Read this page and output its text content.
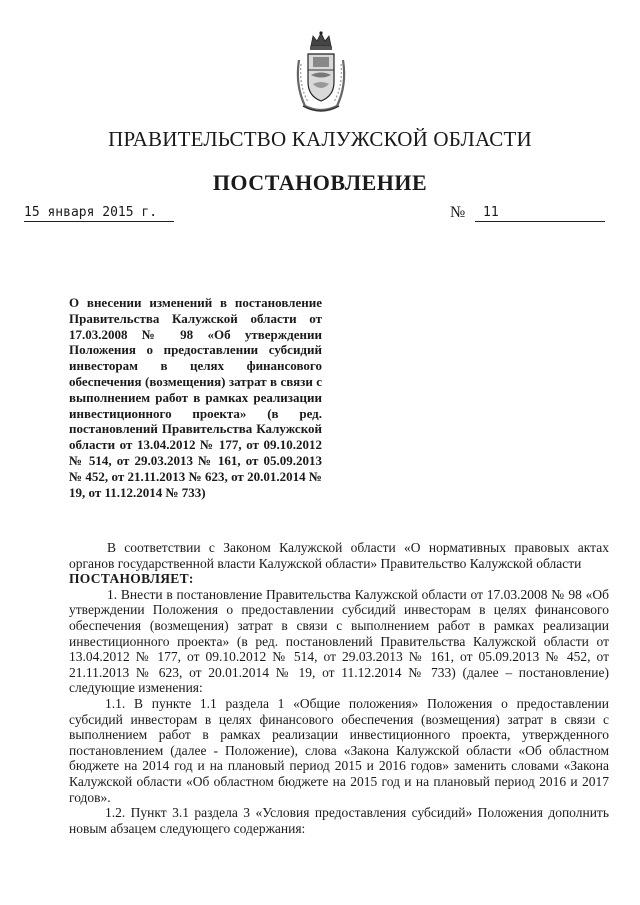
ПРАВИТЕЛЬСТВО КАЛУЖСКОЙ ОБЛАСТИ
ПОСТАНОВЛЕНИЕ
15 января 2015 г.	№	11
О внесении изменений в постановление Правительства Калужской области от 17.03.2008 № 98 «Об утверждении Положения о предоставлении субсидий инвесторам в целях финансового обеспечения (возмещения) затрат в связи с выполнением работ в рамках реализации инвестиционного проекта» (в ред. постановлений Правительства Калужской области от 13.04.2012 № 177, от 09.10.2012 № 514, от 29.03.2013 № 161, от 05.09.2013 № 452, от 21.11.2013 № 623, от 20.01.2014 № 19, от 11.12.2014 № 733)

В соответствии с Законом Калужской области «О нормативных правовых актах органов государственной власти Калужской области» Правительство Калужской области
ПОСТАНОВЛЯЕТ:

1. Внести в постановление Правительства Калужской области от 17.03.2008 № 98 «Об утверждении Положения о предоставлении субсидий инвесторам в целях финансового обеспечения (возмещения) затрат в связи с выполнением работ в рамках реализации инвестиционного проекта» (в ред. постановлений Правительства Калужской области от 13.04.2012 № 177, от 09.10.2012 № 514, от 29.03.2013 № 161, от 05.09.2013 № 452, от 21.11.2013 № 623, от 20.01.2014 № 19, от 11.12.2014 № 733) (далее – постановление) следующие изменения:

1.1. В пункте 1.1 раздела 1 «Общие положения» Положения о предоставлении субсидий инвесторам в целях финансового обеспечения (возмещения) затрат в связи с выполнением работ в рамках реализации инвестиционного проекта, утвержденного постановлением (далее - Положение), слова «Закона Калужской области «Об областном бюджете на 2014 год и на плановый период 2015 и 2016 годов» заменить словами «Закона Калужской области «Об областном бюджете на 2015 год и на плановый период 2016 и 2017 годов».

1.2. Пункт 3.1 раздела 3 «Условия предоставления субсидий» Положения дополнить новым абзацем следующего содержания:
